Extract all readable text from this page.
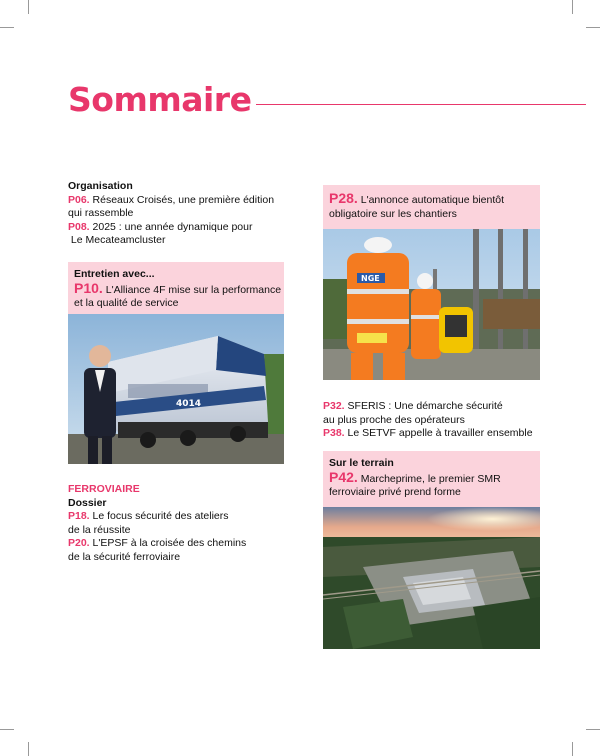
Sommaire
Organisation
P06. Réseaux Croisés, une première édition
qui rassemble
P08. 2025 : une année dynamique pour
Le Mecateamcluster
Entretien avec...
P10. L'Alliance 4F mise sur la performance
et la qualité de service
4014
FERROVIAIRE
Dossier
P18. Le focus sécurité des ateliers
de la réussite
P20. L'EPSF à la croisée des chemins
de la sécurité ferroviaire
P28. L'annonce automatique bientôt
obligatoire sur les chantiers
NGE
P32. SFERIS : Une démarche sécurité
au plus proche des opérateurs
P38. Le SETVF appelle à travailler ensemble
Sur le terrain
P42. Marcheprime, le premier SMR
ferroviaire privé prend forme
